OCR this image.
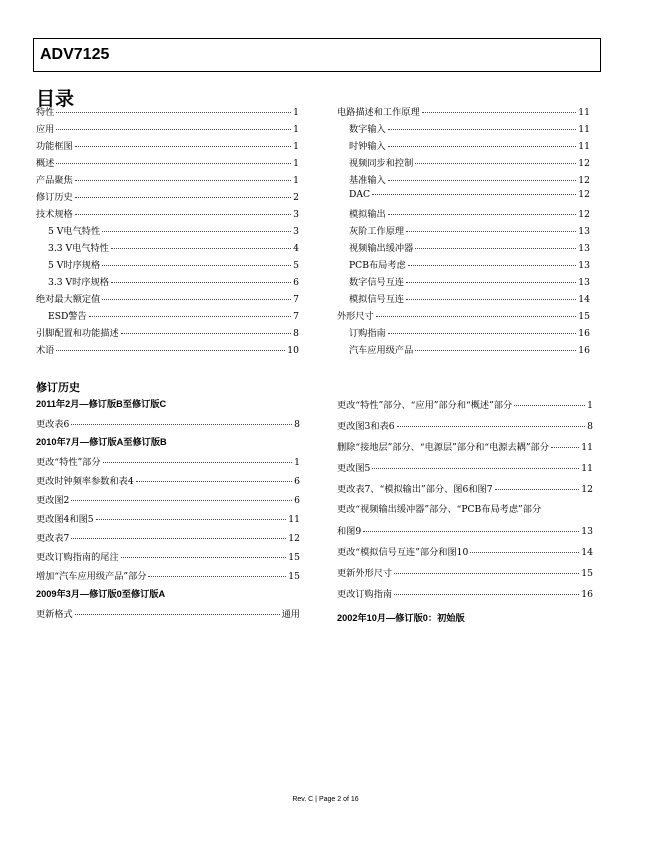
ADV7125
目录
特性	1
应用	1
功能框图	1
概述	1
产品聚焦	1
修订历史	2
技术规格	3
5 V电气特性	3
3.3 V电气特性	4
5 V时序规格	5
3.3 V时序规格	6
绝对最大额定值	7
ESD警告	7
引脚配置和功能描述	8
术语	10
电路描述和工作原理	11
数字输入	11
时钟输入	11
视频同步和控制	12
基准输入	12
DAC	12
模拟输出	12
灰阶工作原理	13
视频输出缓冲器	13
PCB布局考虑	13
数字信号互连	13
模拟信号互连	14
外形尺寸	15
订购指南	16
汽车应用级产品	16
修订历史
2011年2月—修订版B至修订版C
更改表6	8
2010年7月—修订版A至修订版B
更改“特性”部分	1
更改时钟频率参数和表4	6
更改图2	6
更改图4和图5	11
更改表7	12
更改订购指南的尾注	15
增加“汽车应用级产品”部分	15
2009年3月—修订版0至修订版A
更新格式	通用
更改“特性”部分、“应用”部分和“概述”部分	1
更改图3和表6	8
删除“接地层”部分、“电源层”部分和“电源去耦”部分	11
更改图5	11
更改表7、“模拟输出”部分、图6和图7	12
更改“视频输出缓冲器”部分、“PCB布局考虑”部分
和图9	13
更改“模拟信号互连”部分和图10	14
更新外形尺寸	15
更改订购指南	16
2002年10月—修订版0：初始版
Rev. C | Page 2 of 16
